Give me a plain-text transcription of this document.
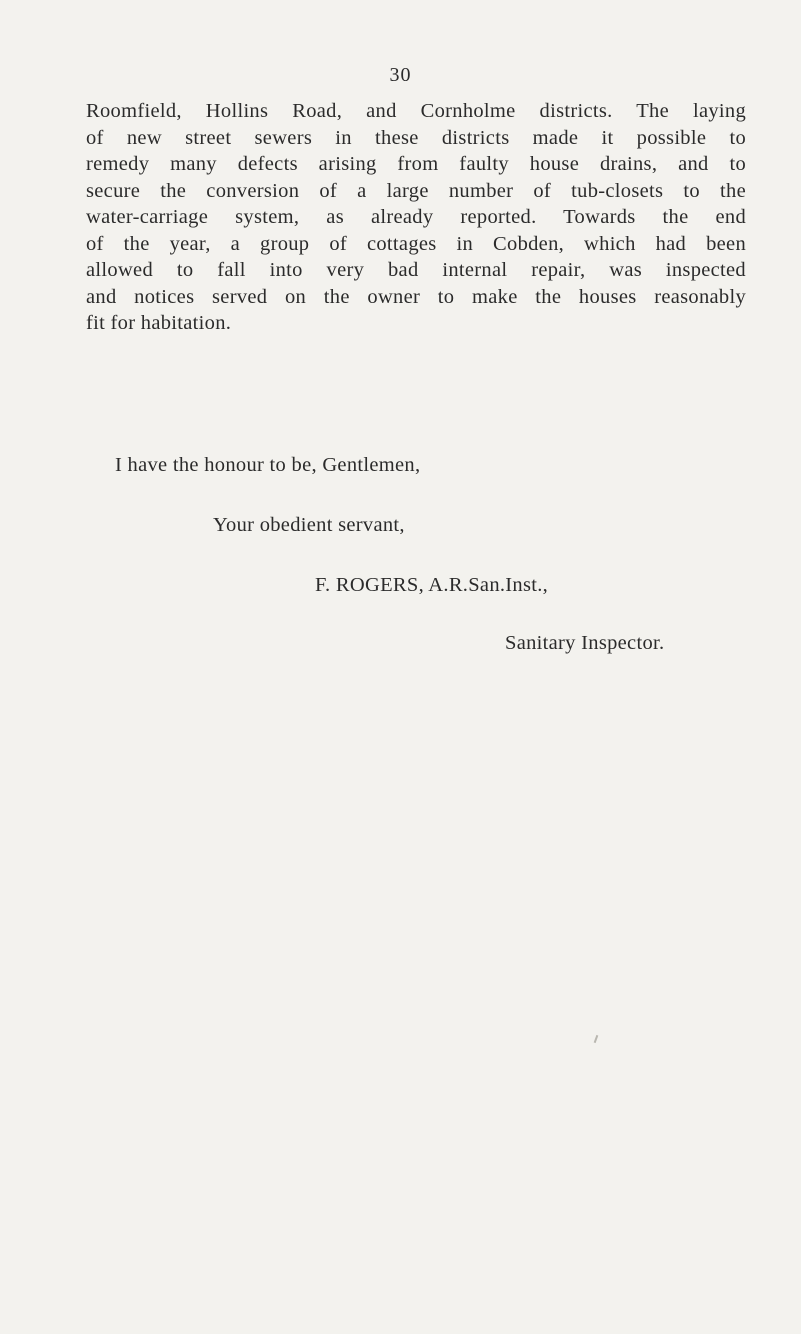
30
Roomfield, Hollins Road, and Cornholme districts. The laying
of new street sewers in these districts made it possible to
remedy many defects arising from faulty house drains, and to
secure the conversion of a large number of tub-closets to the
water-carriage system, as already reported. Towards the end
of the year, a group of cottages in Cobden, which had been
allowed to fall into very bad internal repair, was inspected
and notices served on the owner to make the houses reasonably
fit for habitation.
I have the honour to be, Gentlemen,
Your obedient servant,
F. ROGERS, A.R.San.Inst.,
Sanitary Inspector.
